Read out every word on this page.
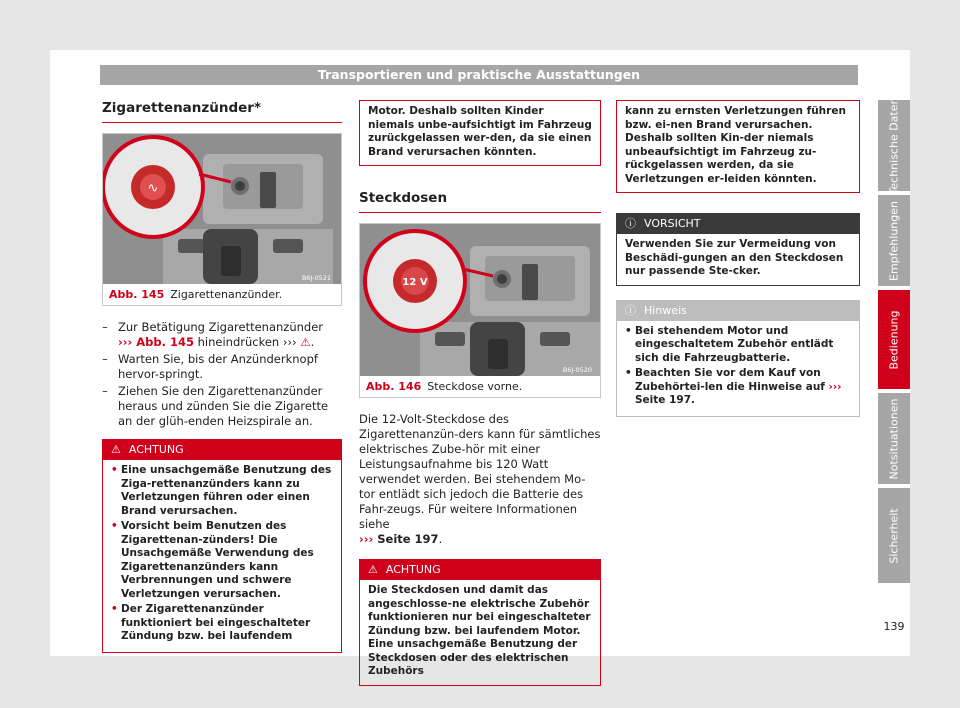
Transportieren und praktische Ausstattungen
Zigarettenanzünder*
∿
B6J-0521
Abb. 145 Zigarettenanzünder.
– Zur Betätigung Zigarettenanzünder
››› Abb. 145 hineindrücken ››› ⚠.
– Warten Sie, bis der Anzünderknopf hervor-springt.
– Ziehen Sie den Zigarettenanzünder heraus und zünden Sie die Zigarette an der glüh-enden Heizspirale an.
⚠ ACHTUNG
• Eine unsachgemäße Benutzung des Ziga-rettenanzünders kann zu Verletzungen führen oder einen Brand verursachen.
• Vorsicht beim Benutzen des Zigarettenan-zünders! Die Unsachgemäße Verwendung des Zigarettenanzünders kann Verbrennungen und schwere Verletzungen verursachen.
• Der Zigarettenanzünder funktioniert bei eingeschalteter Zündung bzw. bei laufendem
Motor. Deshalb sollten Kinder niemals unbe-aufsichtigt im Fahrzeug zurückgelassen wer-den, da sie einen Brand verursachen könnten.
Steckdosen
12 V
B6J-0520
Abb. 146 Steckdose vorne.
Die 12-Volt-Steckdose des Zigarettenanzün-ders kann für sämtliches elektrisches Zube-hör mit einer Leistungsaufnahme bis 120 Watt verwendet werden. Bei stehendem Mo-tor entlädt sich jedoch die Batterie des Fahr-zeugs. Für weitere Informationen siehe
››› Seite 197.
⚠ ACHTUNG
Die Steckdosen und damit das angeschlosse-ne elektrische Zubehör funktionieren nur bei eingeschalteter Zündung bzw. bei laufendem Motor. Eine unsachgemäße Benutzung der Steckdosen oder des elektrischen Zubehörs
kann zu ernsten Verletzungen führen bzw. ei-nen Brand verursachen. Deshalb sollten Kin-der niemals unbeaufsichtigt im Fahrzeug zu-rückgelassen werden, da sie Verletzungen er-leiden könnten.
ⓘ VORSICHT
Verwenden Sie zur Vermeidung von Beschädi-gungen an den Steckdosen nur passende Ste-cker.
ⓘ Hinweis
• Bei stehendem Motor und eingeschaltetem Zubehör entlädt sich die Fahrzeugbatterie.
• Beachten Sie vor dem Kauf von Zubehörtei-len die Hinweise auf ››› Seite 197.
Technische Daten
Empfehlungen
Bedienung
Notsituationen
Sicherheit
139
